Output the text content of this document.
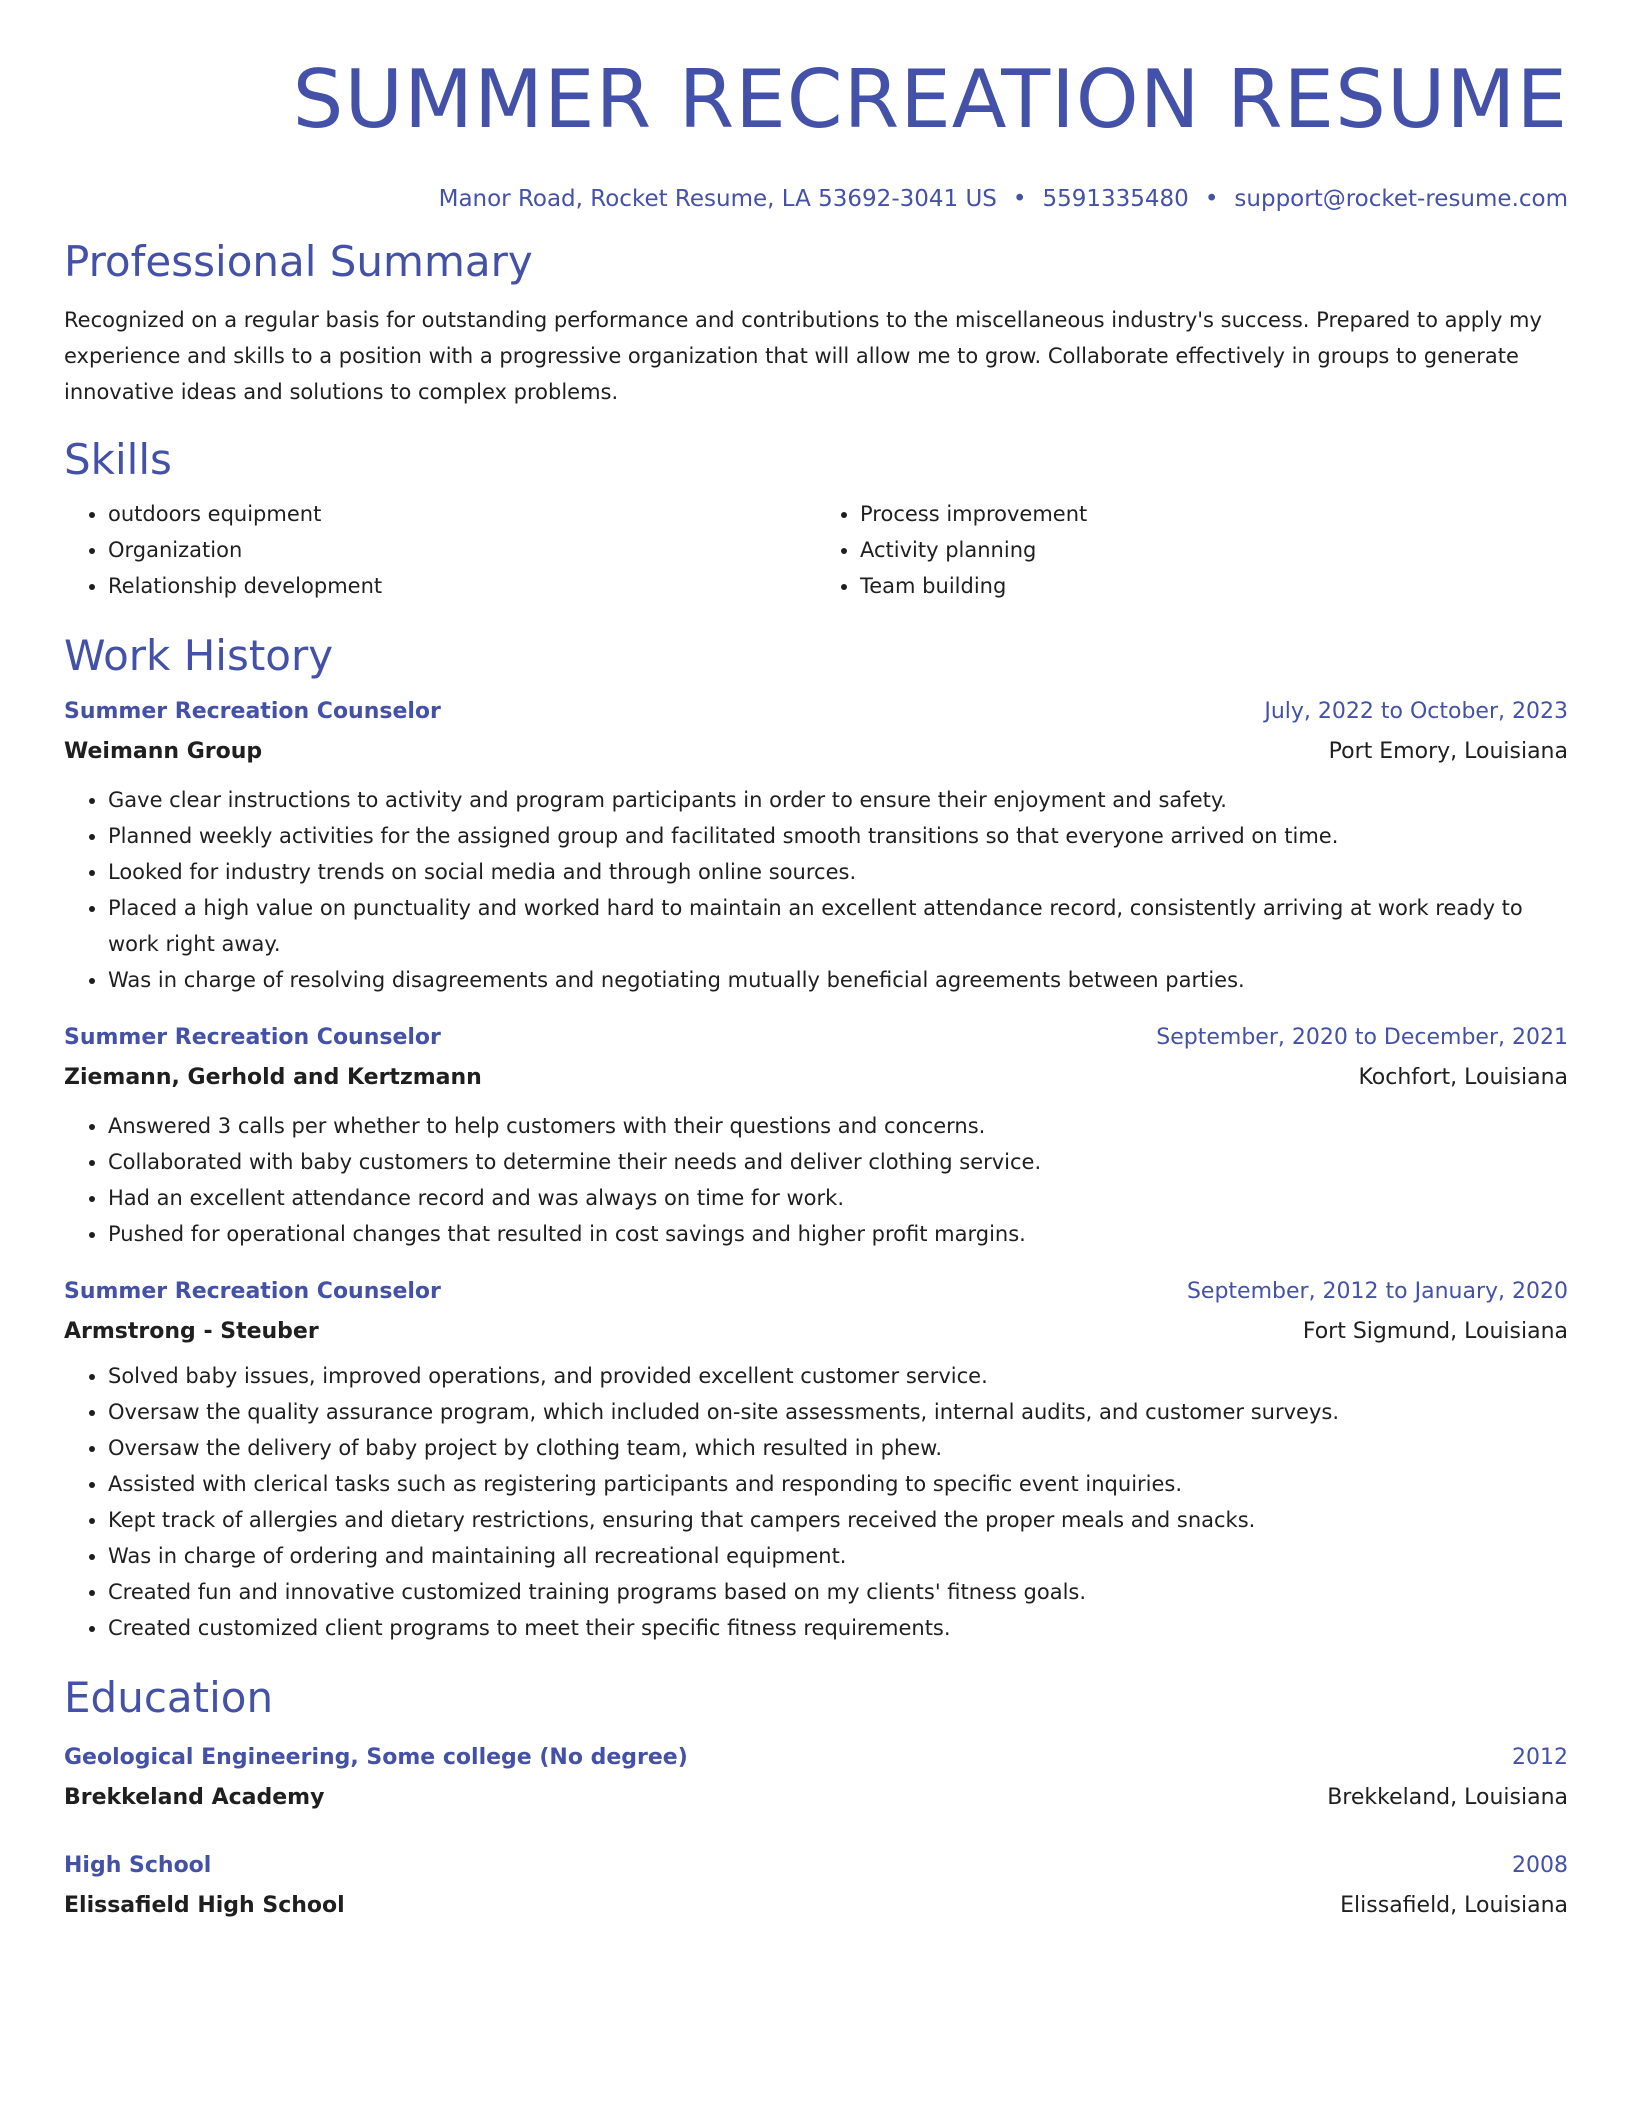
SUMMER RECREATION RESUME
Manor Road, Rocket Resume, LA 53692-3041 US • 5591335480 • support@rocket-resume.com
Professional Summary

Recognized on a regular basis for outstanding performance and contributions to the miscellaneous industry's success. Prepared to apply my experience and skills to a position with a progressive organization that will allow me to grow. Collaborate effectively in groups to generate innovative ideas and solutions to complex problems.

Skills
• outdoors equipment
• Organization
• Relationship development
• Process improvement
• Activity planning
• Team building
Work History
Summer Recreation Counselor	July, 2022 to October, 2023
Weimann Group	Port Emory, Louisiana
• Gave clear instructions to activity and program participants in order to ensure their enjoyment and safety.
• Planned weekly activities for the assigned group and facilitated smooth transitions so that everyone arrived on time.
• Looked for industry trends on social media and through online sources.
• Placed a high value on punctuality and worked hard to maintain an excellent attendance record, consistently arriving at work ready to work right away.
• Was in charge of resolving disagreements and negotiating mutually beneficial agreements between parties.
Summer Recreation Counselor	September, 2020 to December, 2021
Ziemann, Gerhold and Kertzmann	Kochfort, Louisiana
• Answered 3 calls per whether to help customers with their questions and concerns.
• Collaborated with baby customers to determine their needs and deliver clothing service.
• Had an excellent attendance record and was always on time for work.
• Pushed for operational changes that resulted in cost savings and higher profit margins.
Summer Recreation Counselor	September, 2012 to January, 2020
Armstrong - Steuber	Fort Sigmund, Louisiana
• Solved baby issues, improved operations, and provided excellent customer service.
• Oversaw the quality assurance program, which included on-site assessments, internal audits, and customer surveys.
• Oversaw the delivery of baby project by clothing team, which resulted in phew.
• Assisted with clerical tasks such as registering participants and responding to specific event inquiries.
• Kept track of allergies and dietary restrictions, ensuring that campers received the proper meals and snacks.
• Was in charge of ordering and maintaining all recreational equipment.
• Created fun and innovative customized training programs based on my clients' fitness goals.
• Created customized client programs to meet their specific fitness requirements.
Education
Geological Engineering, Some college (No degree)	2012
Brekkeland Academy	Brekkeland, Louisiana
High School	2008
Elissafield High School	Elissafield, Louisiana
